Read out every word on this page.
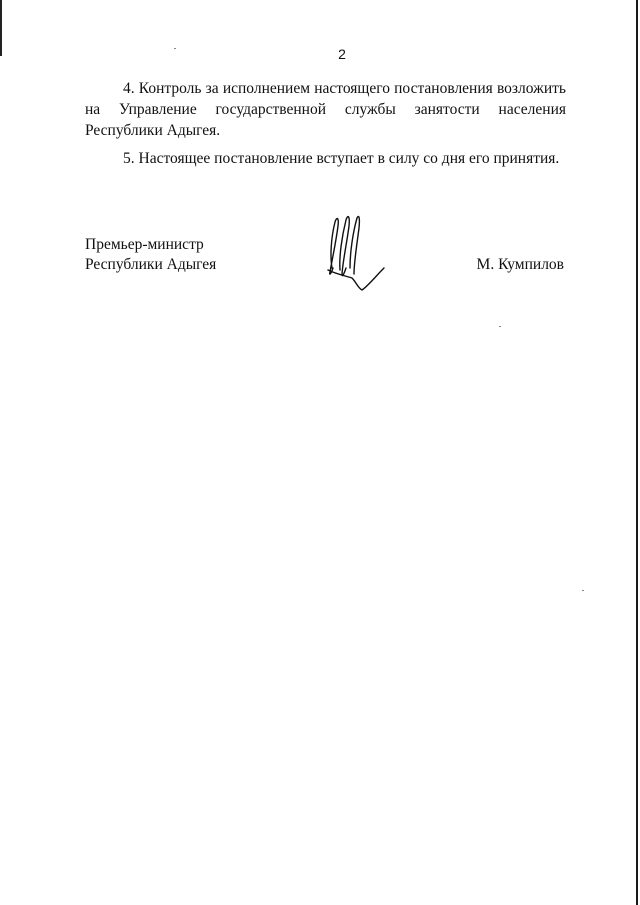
2

4. Контроль за исполнением настоящего постановления возложить на Управление государственной службы занятости населения Республики Адыгея.

5. Настоящее постановление вступает в силу со дня его принятия.

Премьер-министр
Республики Адыгея	М. Кумпилов
